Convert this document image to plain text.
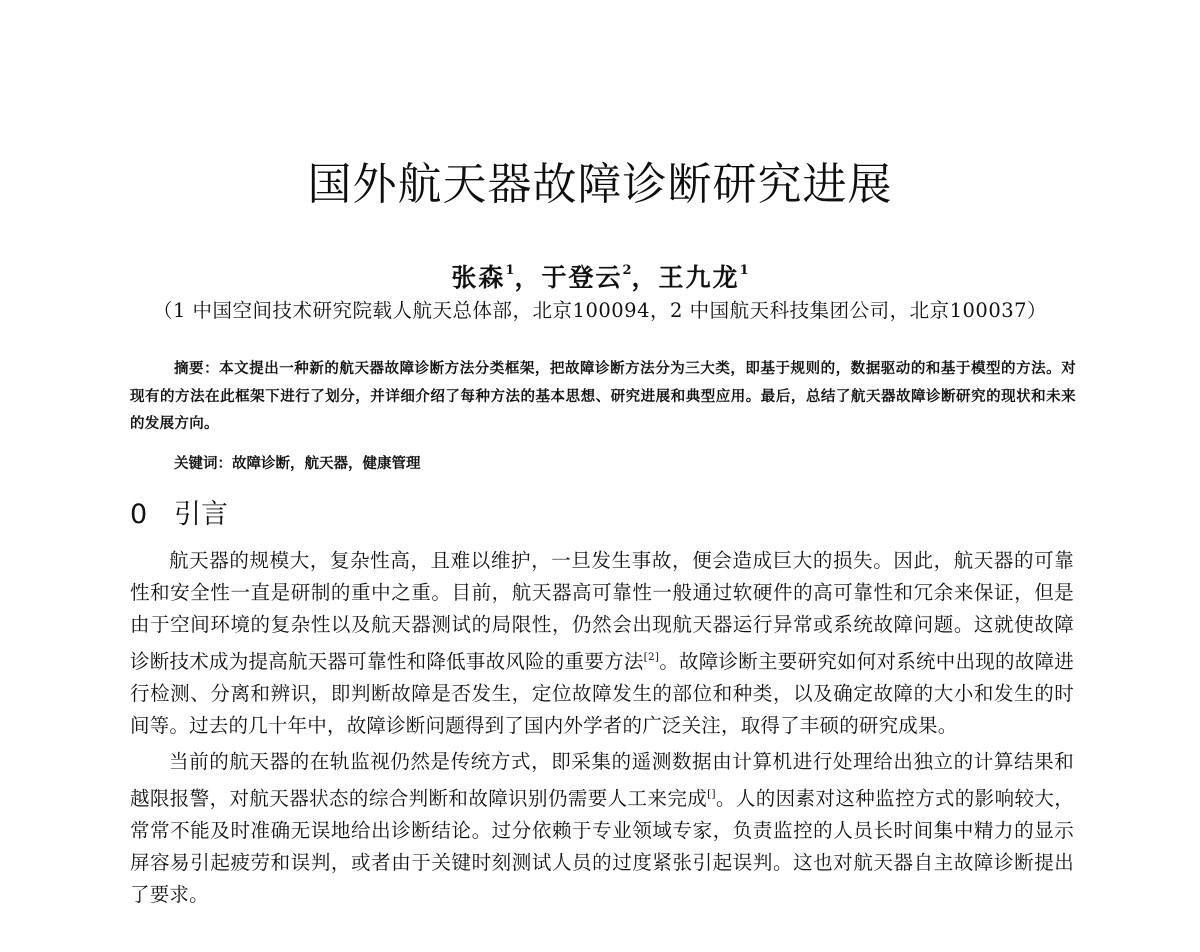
国外航天器故障诊断研究进展
张森$^1$，于登云$^2$，王九龙$^1$
（1 中国空间技术研究院载人航天总体部，北京100094，2 中国航天科技集团公司，北京100037）

摘要：本文提出一种新的航天器故障诊断方法分类框架，把故障诊断方法分为三大类，即基于规则的，数据驱动的和基于模型的方法。对现有的方法在此框架下进行了划分，并详细介绍了每种方法的基本思想、研究进展和典型应用。最后，总结了航天器故障诊断研究的现状和未来的发展方向。

关键词：故障诊断，航天器，健康管理
0 引言

航天器的规模大，复杂性高，且难以维护，一旦发生事故，便会造成巨大的损失。因此，航天器的可靠性和安全性一直是研制的重中之重。目前，航天器高可靠性一般通过软硬件的高可靠性和冗余来保证，但是由于空间环境的复杂性以及航天器测试的局限性，仍然会出现航天器运行异常或系统故障问题。这就使故障诊断技术成为提高航天器可靠性和降低事故风险的重要方法[2]。故障诊断主要研究如何对系统中出现的故障进行检测、分离和辨识，即判断故障是否发生，定位故障发生的部位和种类，以及确定故障的大小和发生的时间等。过去的几十年中，故障诊断问题得到了国内外学者的广泛关注，取得了丰硕的研究成果。

当前的航天器的在轨监视仍然是传统方式，即采集的遥测数据由计算机进行处理给出独立的计算结果和越限报警，对航天器状态的综合判断和故障识别仍需要人工来完成[]。人的因素对这种监控方式的影响较大，常常不能及时准确无误地给出诊断结论。过分依赖于专业领域专家，负责监控的人员长时间集中精力的显示屏容易引起疲劳和误判，或者由于关键时刻测试人员的过度紧张引起误判。这也对航天器自主故障诊断提出了要求。
